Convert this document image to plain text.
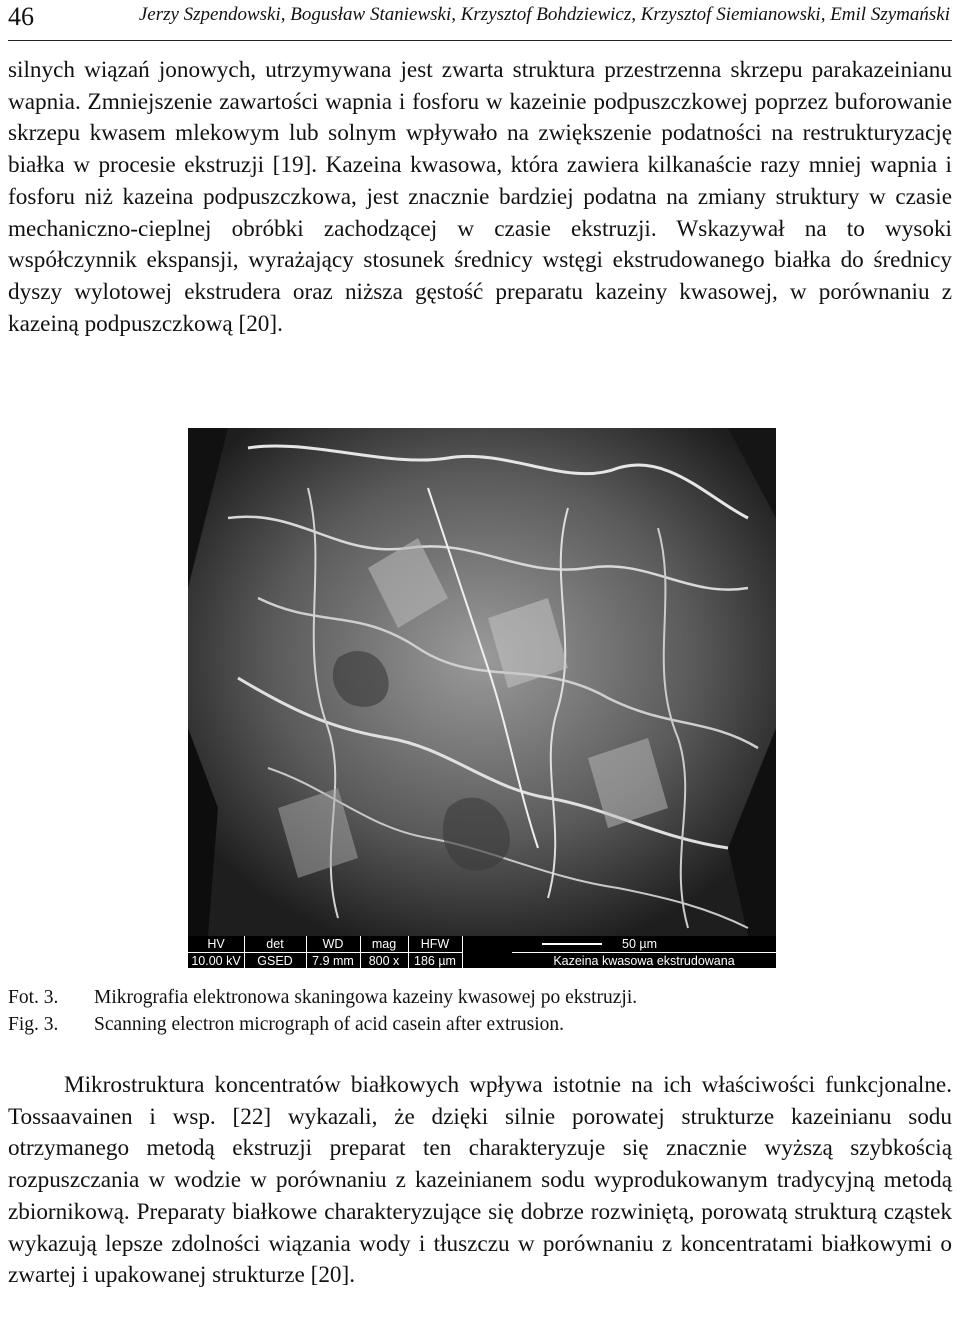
46	Jerzy Szpendowski, Bogusław Staniewski, Krzysztof Bohdziewicz, Krzysztof Siemianowski, Emil Szymański

silnych wiązań jonowych, utrzymywana jest zwarta struktura przestrzenna skrzepu parakazeinianu wapnia. Zmniejszenie zawartości wapnia i fosforu w kazeinie podpuszczkowej poprzez buforowanie skrzepu kwasem mlekowym lub solnym wpływało na zwiększenie podatności na restrukturyzację białka w procesie ekstruzji [19]. Kazeina kwasowa, która zawiera kilkanaście razy mniej wapnia i fosforu niż kazeina podpuszczkowa, jest znacznie bardziej podatna na zmiany struktury w czasie mechaniczno-cieplnej obróbki zachodzącej w czasie ekstruzji. Wskazywał na to wysoki współczynnik ekspansji, wyrażający stosunek średnicy wstęgi ekstrudowanego białka do średnicy dyszy wylotowej ekstrudera oraz niższa gęstość preparatu kazeiny kwasowej, w porównaniu z kazeiną podpuszczkową [20].

HV
10.00 kV
det
GSED
WD
7.9 mm
mag
800 x
HFW
186 µm
50 µm
Kazeina kwasowa ekstrudowana
Fot. 3. Mikrografia elektronowa skaningowa kazeiny kwasowej po ekstruzji.
Fig. 3. Scanning electron micrograph of acid casein after extrusion.

Mikrostruktura koncentratów białkowych wpływa istotnie na ich właściwości funkcjonalne. Tossaavainen i wsp. [22] wykazali, że dzięki silnie porowatej strukturze kazeinianu sodu otrzymanego metodą ekstruzji preparat ten charakteryzuje się znacznie wyższą szybkością rozpuszczania w wodzie w porównaniu z kazeinianem sodu wyprodukowanym tradycyjną metodą zbiornikową. Preparaty białkowe charakteryzujące się dobrze rozwiniętą, porowatą strukturą cząstek wykazują lepsze zdolności wiązania wody i tłuszczu w porównaniu z koncentratami białkowymi o zwartej i upakowanej strukturze [20].
